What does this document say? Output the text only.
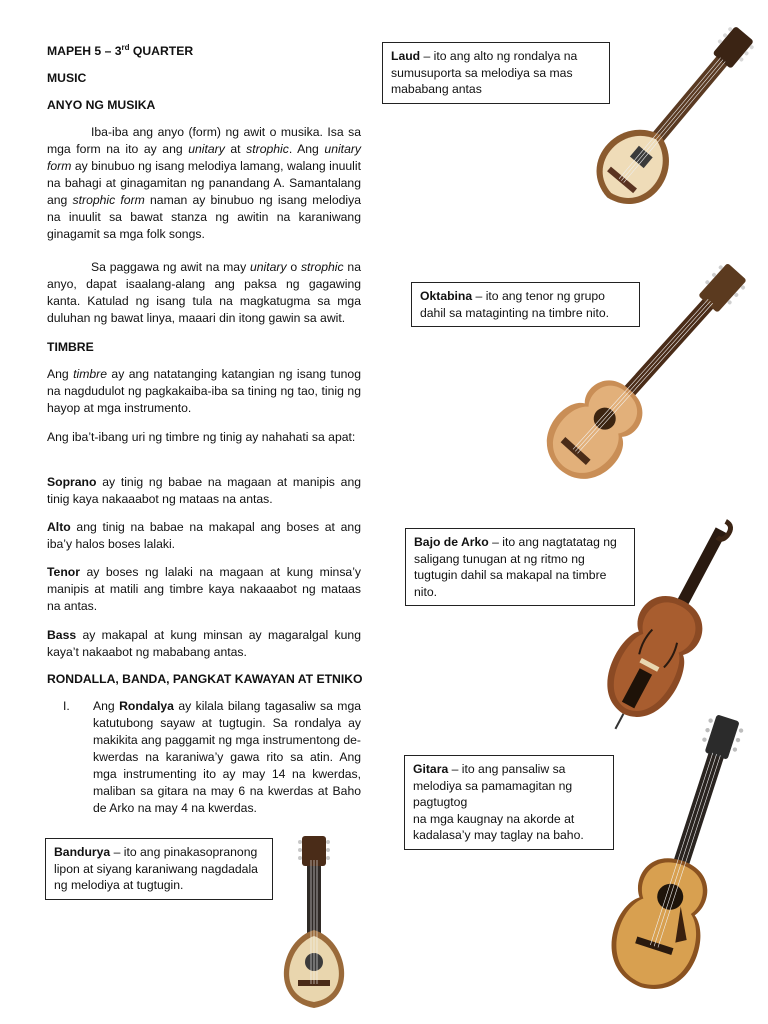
MAPEH 5 – 3rd QUARTER
MUSIC
ANYO NG MUSIKA

Iba-iba ang anyo (form) ng awit o musika. Isa sa mga form na ito ay ang unitary at strophic. Ang unitary form ay binubuo ng isang melodiya lamang, walang inuulit na bahagi at ginagamitan ng panandang A. Samantalang ang strophic form naman ay binubuo ng isang melodiya na inuulit sa bawat stanza ng awitin na karaniwang ginagamit sa mga folk songs.

Sa paggawa ng awit na may unitary o strophic na anyo, dapat isaalang-alang ang paksa ng gagawing kanta. Katulad ng isang tula na magkatugma sa mga duluhan ng bawat linya, maaari din itong gawin sa awit.

TIMBRE

Ang timbre ay ang natatanging katangian ng isang tunog na nagdudulot ng pagkakaiba-iba sa tining ng tao, tinig ng hayop at mga instrumento.

Ang iba’t-ibang uri ng timbre ng tinig ay nahahati sa apat:

Soprano ay tinig ng babae na magaan at manipis ang tinig kaya nakaaabot ng mataas na antas.

Alto ang tinig na babae na makapal ang boses at ang iba’y halos boses lalaki.

Tenor ay boses ng lalaki na magaan at kung minsa’y manipis at matili ang timbre kaya nakaaabot ng mataas na antas.

Bass ay makapal at kung minsan ay magaralgal kung kaya’t nakaabot ng mababang antas.

RONDALLA, BANDA, PANGKAT KAWAYAN AT ETNIKO
I. Ang Rondalya ay kilala bilang tagasaliw sa mga katutubong sayaw at tugtugin. Sa rondalya ay makikita ang paggamit ng mga instrumentong de-kwerdas na karaniwa’y gawa rito sa atin. Ang mga instrumenting ito ay may 14 na kwerdas, maliban sa gitara na may 6 na kwerdas at Baho de Arko na may 4 na kwerdas.

Laud – ito ang alto ng rondalya na sumusuporta sa melodiya sa mas mababang antas
Oktabina – ito ang tenor ng grupo dahil sa mataginting na timbre nito.
Bajo de Arko – ito ang nagtatatag ng saligang tunugan at ng ritmo ng tugtugin dahil sa makapal na timbre nito.
Gitara – ito ang pansaliw sa melodiya sa pamamagitan ng pagtugtog
na mga kaugnay na akorde at kadalasa’y may taglay na baho.
Bandurya – ito ang pinakasopranong lipon at siyang karaniwang nagdadala ng melodiya at tugtugin.
